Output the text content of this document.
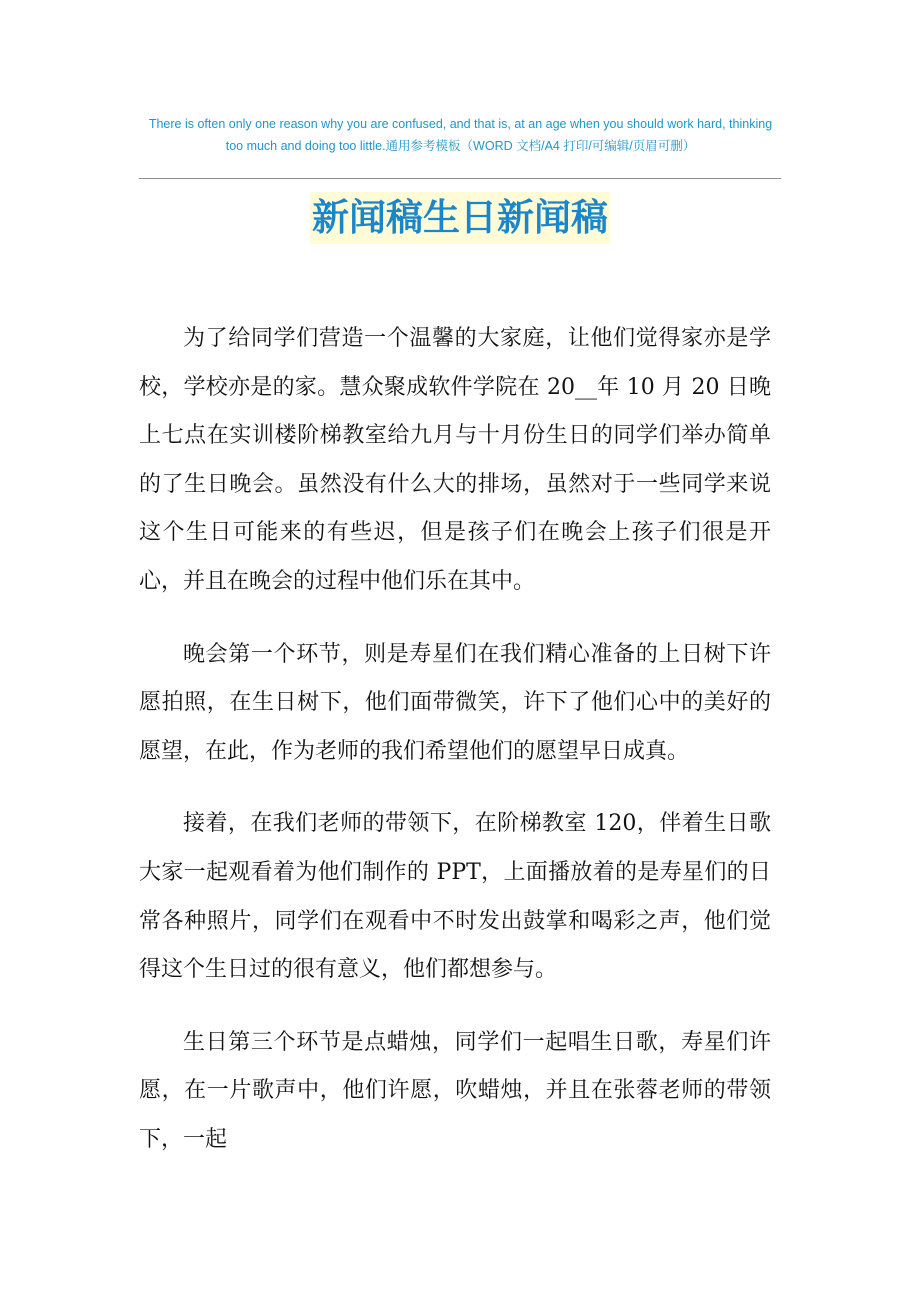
There is often only one reason why you are confused, and that is, at an age when you should work hard, thinking too much and doing too little.通用参考模板（WORD 文档/A4 打印/可编辑/页眉可删）
新闻稿生日新闻稿

为了给同学们营造一个温馨的大家庭，让他们觉得家亦是学校，学校亦是的家。慧众聚成软件学院在 20__年 10 月 20 日晚上七点在实训楼阶梯教室给九月与十月份生日的同学们举办简单的了生日晚会。虽然没有什么大的排场，虽然对于一些同学来说这个生日可能来的有些迟，但是孩子们在晚会上孩子们很是开心，并且在晚会的过程中他们乐在其中。

晚会第一个环节，则是寿星们在我们精心准备的上日树下许愿拍照，在生日树下，他们面带微笑，许下了他们心中的美好的愿望，在此，作为老师的我们希望他们的愿望早日成真。

接着，在我们老师的带领下，在阶梯教室 120，伴着生日歌大家一起观看着为他们制作的 PPT，上面播放着的是寿星们的日常各种照片，同学们在观看中不时发出鼓掌和喝彩之声，他们觉得这个生日过的很有意义，他们都想参与。

生日第三个环节是点蜡烛，同学们一起唱生日歌，寿星们许愿，在一片歌声中，他们许愿，吹蜡烛，并且在张蓉老师的带领下，一起
